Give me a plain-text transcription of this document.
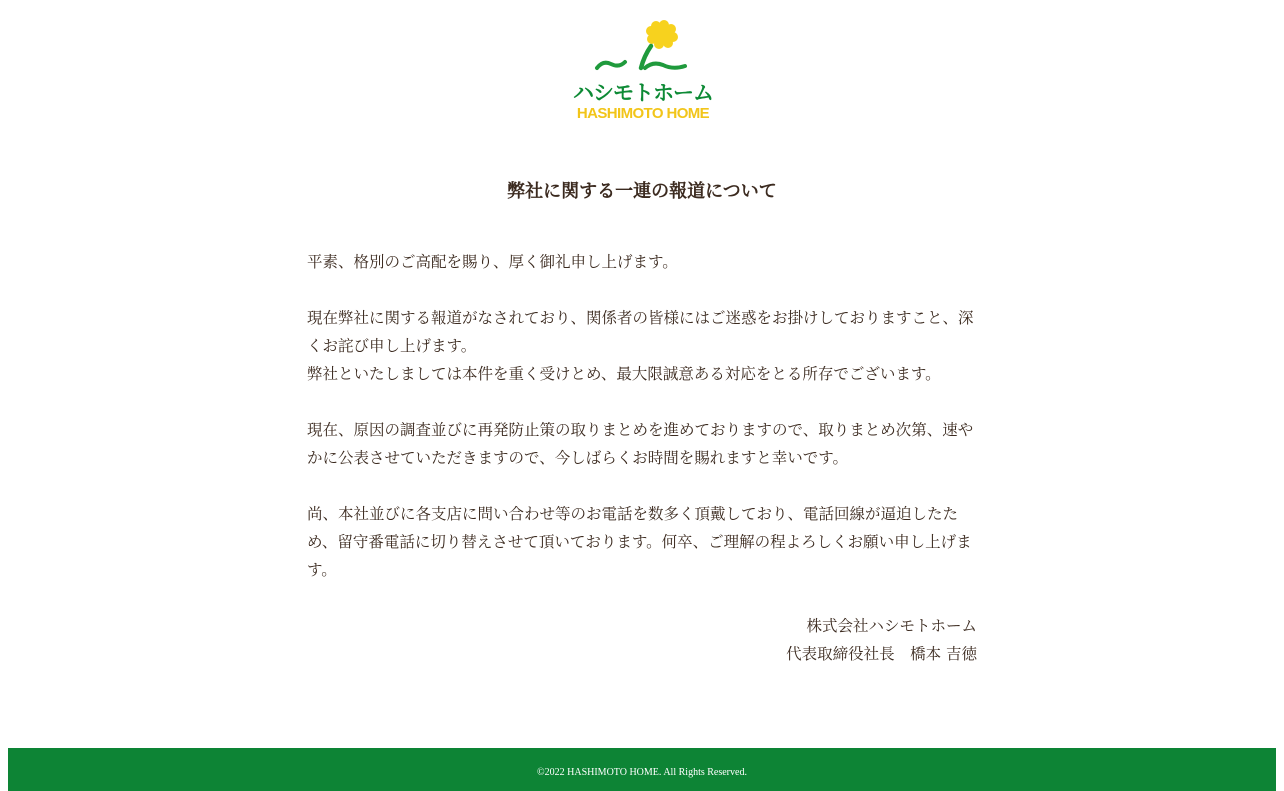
ハシモトホーム
HASHIMOTO HOME
弊社に関する一連の報道について

平素、格別のご高配を賜り、厚く御礼申し上げます。

現在弊社に関する報道がなされており、関係者の皆様にはご迷惑をお掛けしておりますこと、深くお詫び申し上げます。

弊社といたしましては本件を重く受けとめ、最大限誠意ある対応をとる所存でございます。

現在、原因の調査並びに再発防止策の取りまとめを進めておりますので、取りまとめ次第、速やかに公表させていただきますので、今しばらくお時間を賜れますと幸いです。

尚、本社並びに各支店に問い合わせ等のお電話を数多く頂戴しており、電話回線が逼迫したため、留守番電話に切り替えさせて頂いております。何卒、ご理解の程よろしくお願い申し上げます。

株式会社ハシモトホーム

代表取締役社長　橋本 吉徳

©2022 HASHIMOTO HOME. All Rights Reserved.
